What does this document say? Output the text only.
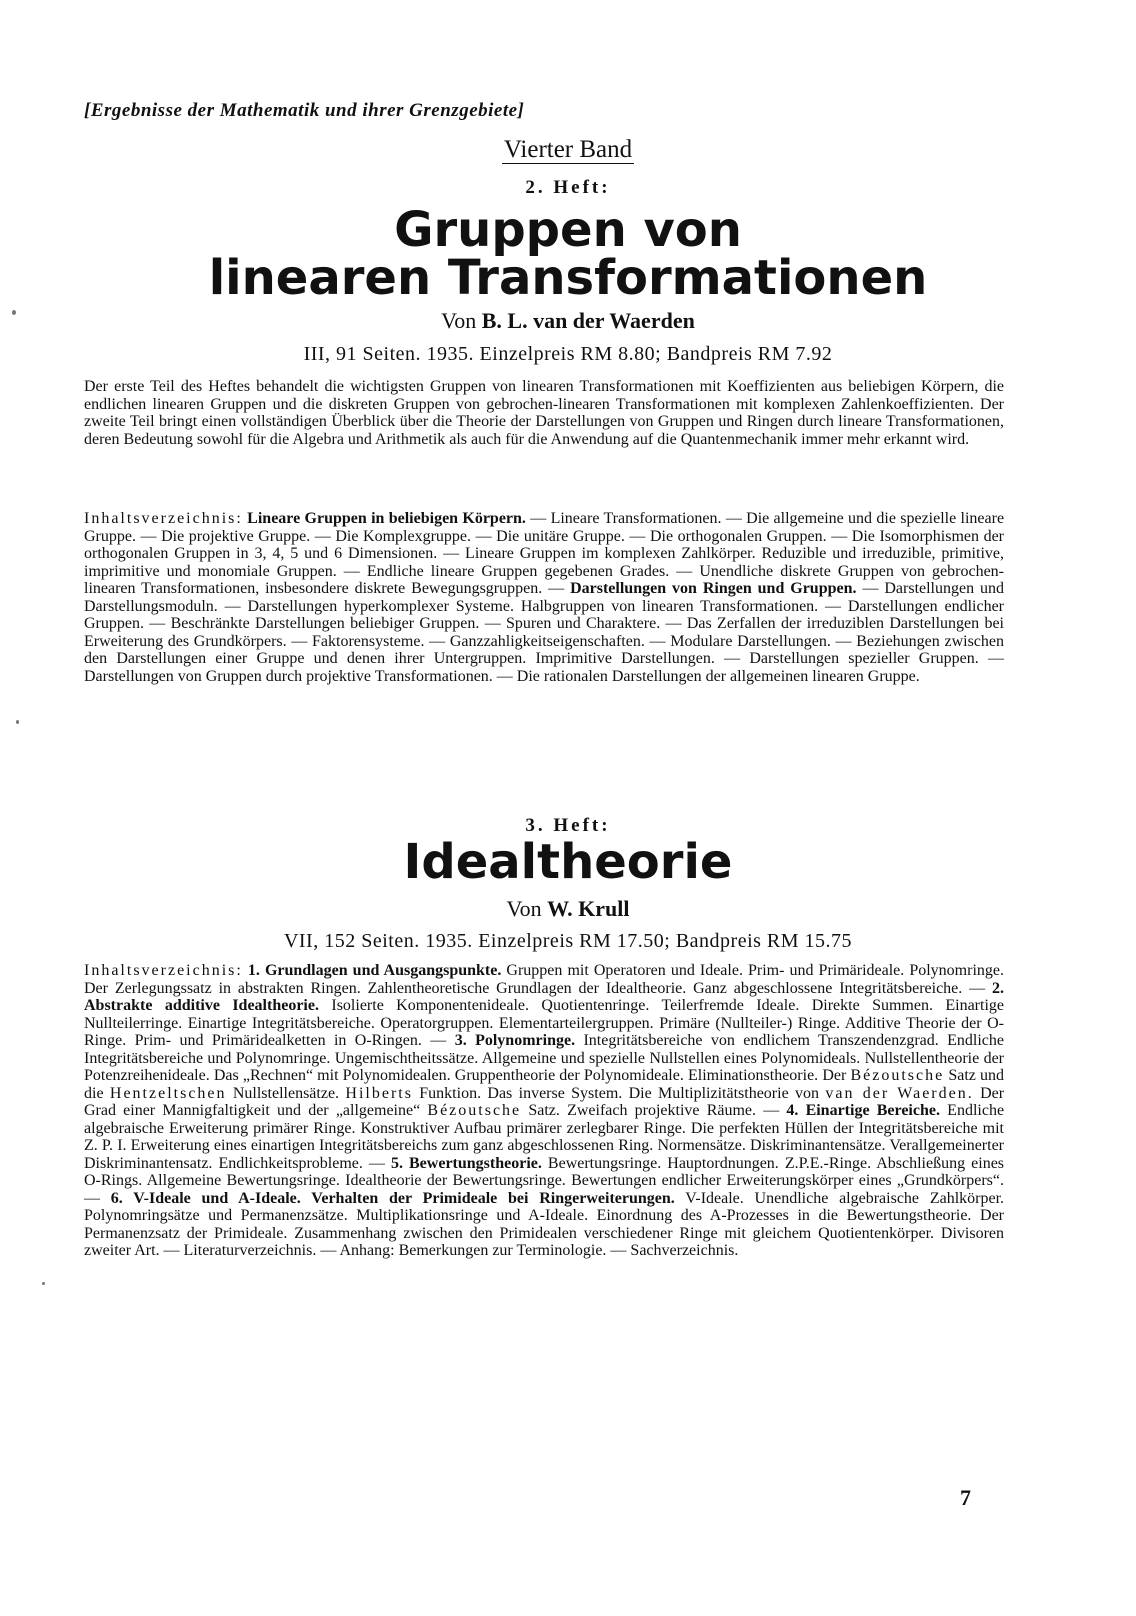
[Ergebnisse der Mathematik und ihrer Grenzgebiete]
Vierter Band
2. Heft:
Gruppen von
linearen Transformationen
Von B. L. van der Waerden
III, 91 Seiten. 1935. Einzelpreis RM 8.80; Bandpreis RM 7.92
Der erste Teil des Heftes behandelt die wichtigsten Gruppen von linearen Transformationen mit Koeffizienten aus beliebigen Körpern, die endlichen linearen Gruppen und die diskreten Gruppen von gebrochen-linearen Transformationen mit komplexen Zahlenkoeffizienten. Der zweite Teil bringt einen vollständigen Überblick über die Theorie der Darstellungen von Gruppen und Ringen durch lineare Transformationen, deren Bedeutung sowohl für die Algebra und Arithmetik als auch für die Anwendung auf die Quantenmechanik immer mehr erkannt wird.
Inhaltsverzeichnis: Lineare Gruppen in beliebigen Körpern. — Lineare Transformationen. — Die allgemeine und die spezielle lineare Gruppe. — Die projektive Gruppe. — Die Komplexgruppe. — Die unitäre Gruppe. — Die orthogonalen Gruppen. — Die Isomorphismen der orthogonalen Gruppen in 3, 4, 5 und 6 Dimensionen. — Lineare Gruppen im komplexen Zahlkörper. Reduzible und irreduzible, primitive, imprimitive und monomiale Gruppen. — Endliche lineare Gruppen gegebenen Grades. — Unendliche diskrete Gruppen von gebrochen-linearen Transformationen, insbesondere diskrete Bewegungsgruppen. — Darstellungen von Ringen und Gruppen. — Darstellungen und Darstellungsmoduln. — Darstellungen hyperkomplexer Systeme. Halbgruppen von linearen Transformationen. — Darstellungen endlicher Gruppen. — Beschränkte Darstellungen beliebiger Gruppen. — Spuren und Charaktere. — Das Zerfallen der irreduziblen Darstellungen bei Erweiterung des Grundkörpers. — Faktorensysteme. — Ganzzahligkeitseigenschaften. — Modulare Darstellungen. — Beziehungen zwischen den Darstellungen einer Gruppe und denen ihrer Untergruppen. Imprimitive Darstellungen. — Darstellungen spezieller Gruppen. — Darstellungen von Gruppen durch projektive Transformationen. — Die rationalen Darstellungen der allgemeinen linearen Gruppe.
3. Heft:
Idealtheorie
Von W. Krull
VII, 152 Seiten. 1935. Einzelpreis RM 17.50; Bandpreis RM 15.75
Inhaltsverzeichnis: 1. Grundlagen und Ausgangspunkte. Gruppen mit Operatoren und Ideale. Prim- und Primärideale. Polynomringe. Der Zerlegungssatz in abstrakten Ringen. Zahlentheoretische Grundlagen der Idealtheorie. Ganz abgeschlossene Integritätsbereiche. — 2. Abstrakte additive Idealtheorie. Isolierte Komponentenideale. Quotientenringe. Teilerfremde Ideale. Direkte Summen. Einartige Nullteilerringe. Einartige Integritätsbereiche. Operatorgruppen. Elementarteilergruppen. Primäre (Nullteiler-) Ringe. Additive Theorie der O-Ringe. Prim- und Primäridealketten in O-Ringen. — 3. Polynomringe. Integritätsbereiche von endlichem Transzendenzgrad. Endliche Integritätsbereiche und Polynomringe. Ungemischtheitssätze. Allgemeine und spezielle Nullstellen eines Polynomideals. Nullstellentheorie der Potenzreihenideale. Das „Rechnen“ mit Polynomidealen. Gruppentheorie der Polynomideale. Eliminationstheorie. Der Bézoutsche Satz und die Hentzeltschen Nullstellensätze. Hilberts Funktion. Das inverse System. Die Multiplizitätstheorie von van der Waerden. Der Grad einer Mannigfaltigkeit und der „allgemeine“ Bézoutsche Satz. Zweifach projektive Räume. — 4. Einartige Bereiche. Endliche algebraische Erweiterung primärer Ringe. Konstruktiver Aufbau primärer zerlegbarer Ringe. Die perfekten Hüllen der Integritätsbereiche mit Z. P. I. Erweiterung eines einartigen Integritätsbereichs zum ganz abgeschlossenen Ring. Normensätze. Diskriminantensätze. Verallgemeinerter Diskriminantensatz. Endlichkeitsprobleme. — 5. Bewertungstheorie. Bewertungsringe. Hauptordnungen. Z.P.E.-Ringe. Abschließung eines O-Rings. Allgemeine Bewertungsringe. Idealtheorie der Bewertungsringe. Bewertungen endlicher Erweiterungskörper eines „Grundkörpers“. — 6. V-Ideale und A-Ideale. Verhalten der Primideale bei Ringerweiterungen. V-Ideale. Unendliche algebraische Zahlkörper. Polynomringsätze und Permanenzsätze. Multiplikationsringe und A-Ideale. Einordnung des A-Prozesses in die Bewertungstheorie. Der Permanenzsatz der Primideale. Zusammenhang zwischen den Primidealen verschiedener Ringe mit gleichem Quotientenkörper. Divisoren zweiter Art. — Literaturverzeichnis. — Anhang: Bemerkungen zur Terminologie. — Sachverzeichnis.
7
